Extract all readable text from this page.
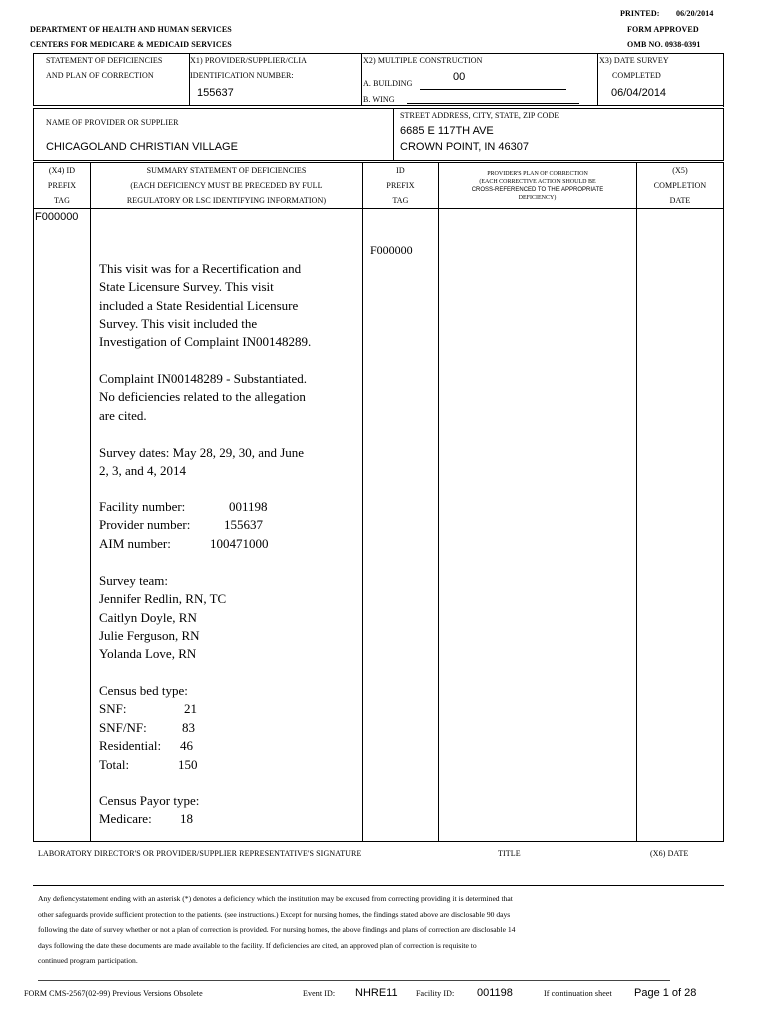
PRINTED: 06/20/2014
DEPARTMENT OF HEALTH AND HUMAN SERVICES	FORM APPROVED
CENTERS FOR MEDICARE & MEDICAID SERVICES	OMB NO. 0938-0391
STATEMENT OF DEFICIENCIES
AND PLAN OF CORRECTION
X1) PROVIDER/SUPPLIER/CLIA
IDENTIFICATION NUMBER:
155637
X2) MULTIPLE CONSTRUCTION
A. BUILDING
00
B. WING
X3) DATE SURVEY
COMPLETED
06/04/2014
NAME OF PROVIDER OR SUPPLIER
CHICAGOLAND CHRISTIAN VILLAGE
STREET ADDRESS, CITY, STATE, ZIP CODE
6685 E 117TH AVE
CROWN POINT, IN 46307
(X4) ID
PREFIX
TAG
SUMMARY STATEMENT OF DEFICIENCIES
(EACH DEFICIENCY MUST BE PRECEDED BY FULL
REGULATORY OR LSC IDENTIFYING INFORMATION)
ID
PREFIX
TAG
PROVIDER'S PLAN OF CORRECTION
(EACH CORRECTIVE ACTION SHOULD BE
CROSS-REFERENCED TO THE APPROPRIATE
DEFICIENCY)
(X5)
COMPLETION
DATE
F000000
F000000
This visit was for a Recertification and
State Licensure Survey. This visit
included a State Residential Licensure
Survey. This visit included the
Investigation of Complaint IN00148289.
Complaint IN00148289 - Substantiated.
No deficiencies related to the allegation
are cited.
Survey dates: May 28, 29, 30, and June
2, 3, and 4, 2014
Facility number:	001198
Provider number:	155637
AIM number:	100471000
Survey team:
Jennifer Redlin, RN, TC
Caitlyn Doyle, RN
Julie Ferguson, RN
Yolanda Love, RN
Census bed type:
SNF:	21
SNF/NF:	83
Residential: 46
Total:	150
Census Payor type:
Medicare: 18
LABORATORY DIRECTOR'S OR PROVIDER/SUPPLIER REPRESENTATIVE'S SIGNATURE	TITLE	(X6) DATE
Any defiencystatement ending with an asterisk (*) denotes a deficiency which the institution may be excused from correcting providing it is determined that
other safeguards provide sufficient protection to the patients. (see instructions.) Except for nursing homes, the findings stated above are disclosable 90 days
following the date of survey whether or not a plan of correction is provided. For nursing homes, the above findings and plans of correction are disclosable 14
days following the date these documents are made available to the facility. If deficiencies are cited, an approved plan of correction is requisite to
continued program participation.
FORM CMS-2567(02-99) Previous Versions Obsolete	Event ID: NHRE11 Facility ID: 001198	If continuation sheet Page 1 of 28
